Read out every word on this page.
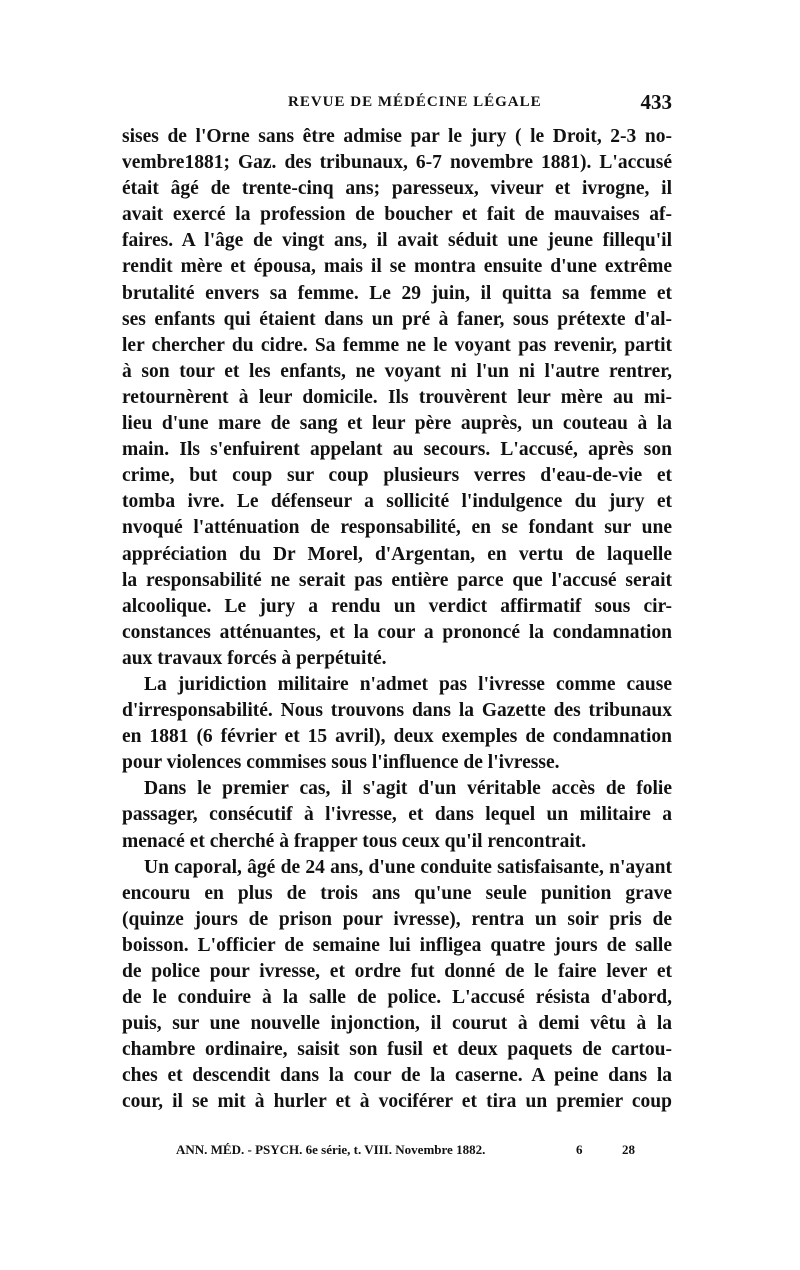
REVUE DE MÉDÉCINE LÉGALE	433
sises de l'Orne sans être admise par le jury ( le Droit, 2-3 no-
vembre1881; Gaz. des tribunaux, 6-7 novembre 1881). L'accusé
était âgé de trente-cinq ans; paresseux, viveur et ivrogne, il
avait exercé la profession de boucher et fait de mauvaises af-
faires. A l'âge de vingt ans, il avait séduit une jeune fillequ'il
rendit mère et épousa, mais il se montra ensuite d'une extrême
brutalité envers sa femme. Le 29 juin, il quitta sa femme et
ses enfants qui étaient dans un pré à faner, sous prétexte d'al-
ler chercher du cidre. Sa femme ne le voyant pas revenir, partit
à son tour et les enfants, ne voyant ni l'un ni l'autre rentrer,
retournèrent à leur domicile. Ils trouvèrent leur mère au mi-
lieu d'une mare de sang et leur père auprès, un couteau à la
main. Ils s'enfuirent appelant au secours. L'accusé, après son
crime, but coup sur coup plusieurs verres d'eau-de-vie et
tomba ivre. Le défenseur a sollicité l'indulgence du jury et
nvoqué l'atténuation de responsabilité, en se fondant sur une
appréciation du Dr Morel, d'Argentan, en vertu de laquelle
la responsabilité ne serait pas entière parce que l'accusé serait
alcoolique. Le jury a rendu un verdict affirmatif sous cir-
constances atténuantes, et la cour a prononcé la condamnation
aux travaux forcés à perpétuité.
La juridiction militaire n'admet pas l'ivresse comme cause
d'irresponsabilité. Nous trouvons dans la Gazette des tribunaux
en 1881 (6 février et 15 avril), deux exemples de condamnation
pour violences commises sous l'influence de l'ivresse.
Dans le premier cas, il s'agit d'un véritable accès de folie
passager, consécutif à l'ivresse, et dans lequel un militaire a
menacé et cherché à frapper tous ceux qu'il rencontrait.
Un caporal, âgé de 24 ans, d'une conduite satisfaisante, n'ayant
encouru en plus de trois ans qu'une seule punition grave
(quinze jours de prison pour ivresse), rentra un soir pris de
boisson. L'officier de semaine lui infligea quatre jours de salle
de police pour ivresse, et ordre fut donné de le faire lever et
de le conduire à la salle de police. L'accusé résista d'abord,
puis, sur une nouvelle injonction, il courut à demi vêtu à la
chambre ordinaire, saisit son fusil et deux paquets de cartou-
ches et descendit dans la cour de la caserne. A peine dans la
cour, il se mit à hurler et à vociférer et tira un premier coup
ANN. MÉD. - PSYCH. 6e série, t. VIII. Novembre 1882.	6	28
